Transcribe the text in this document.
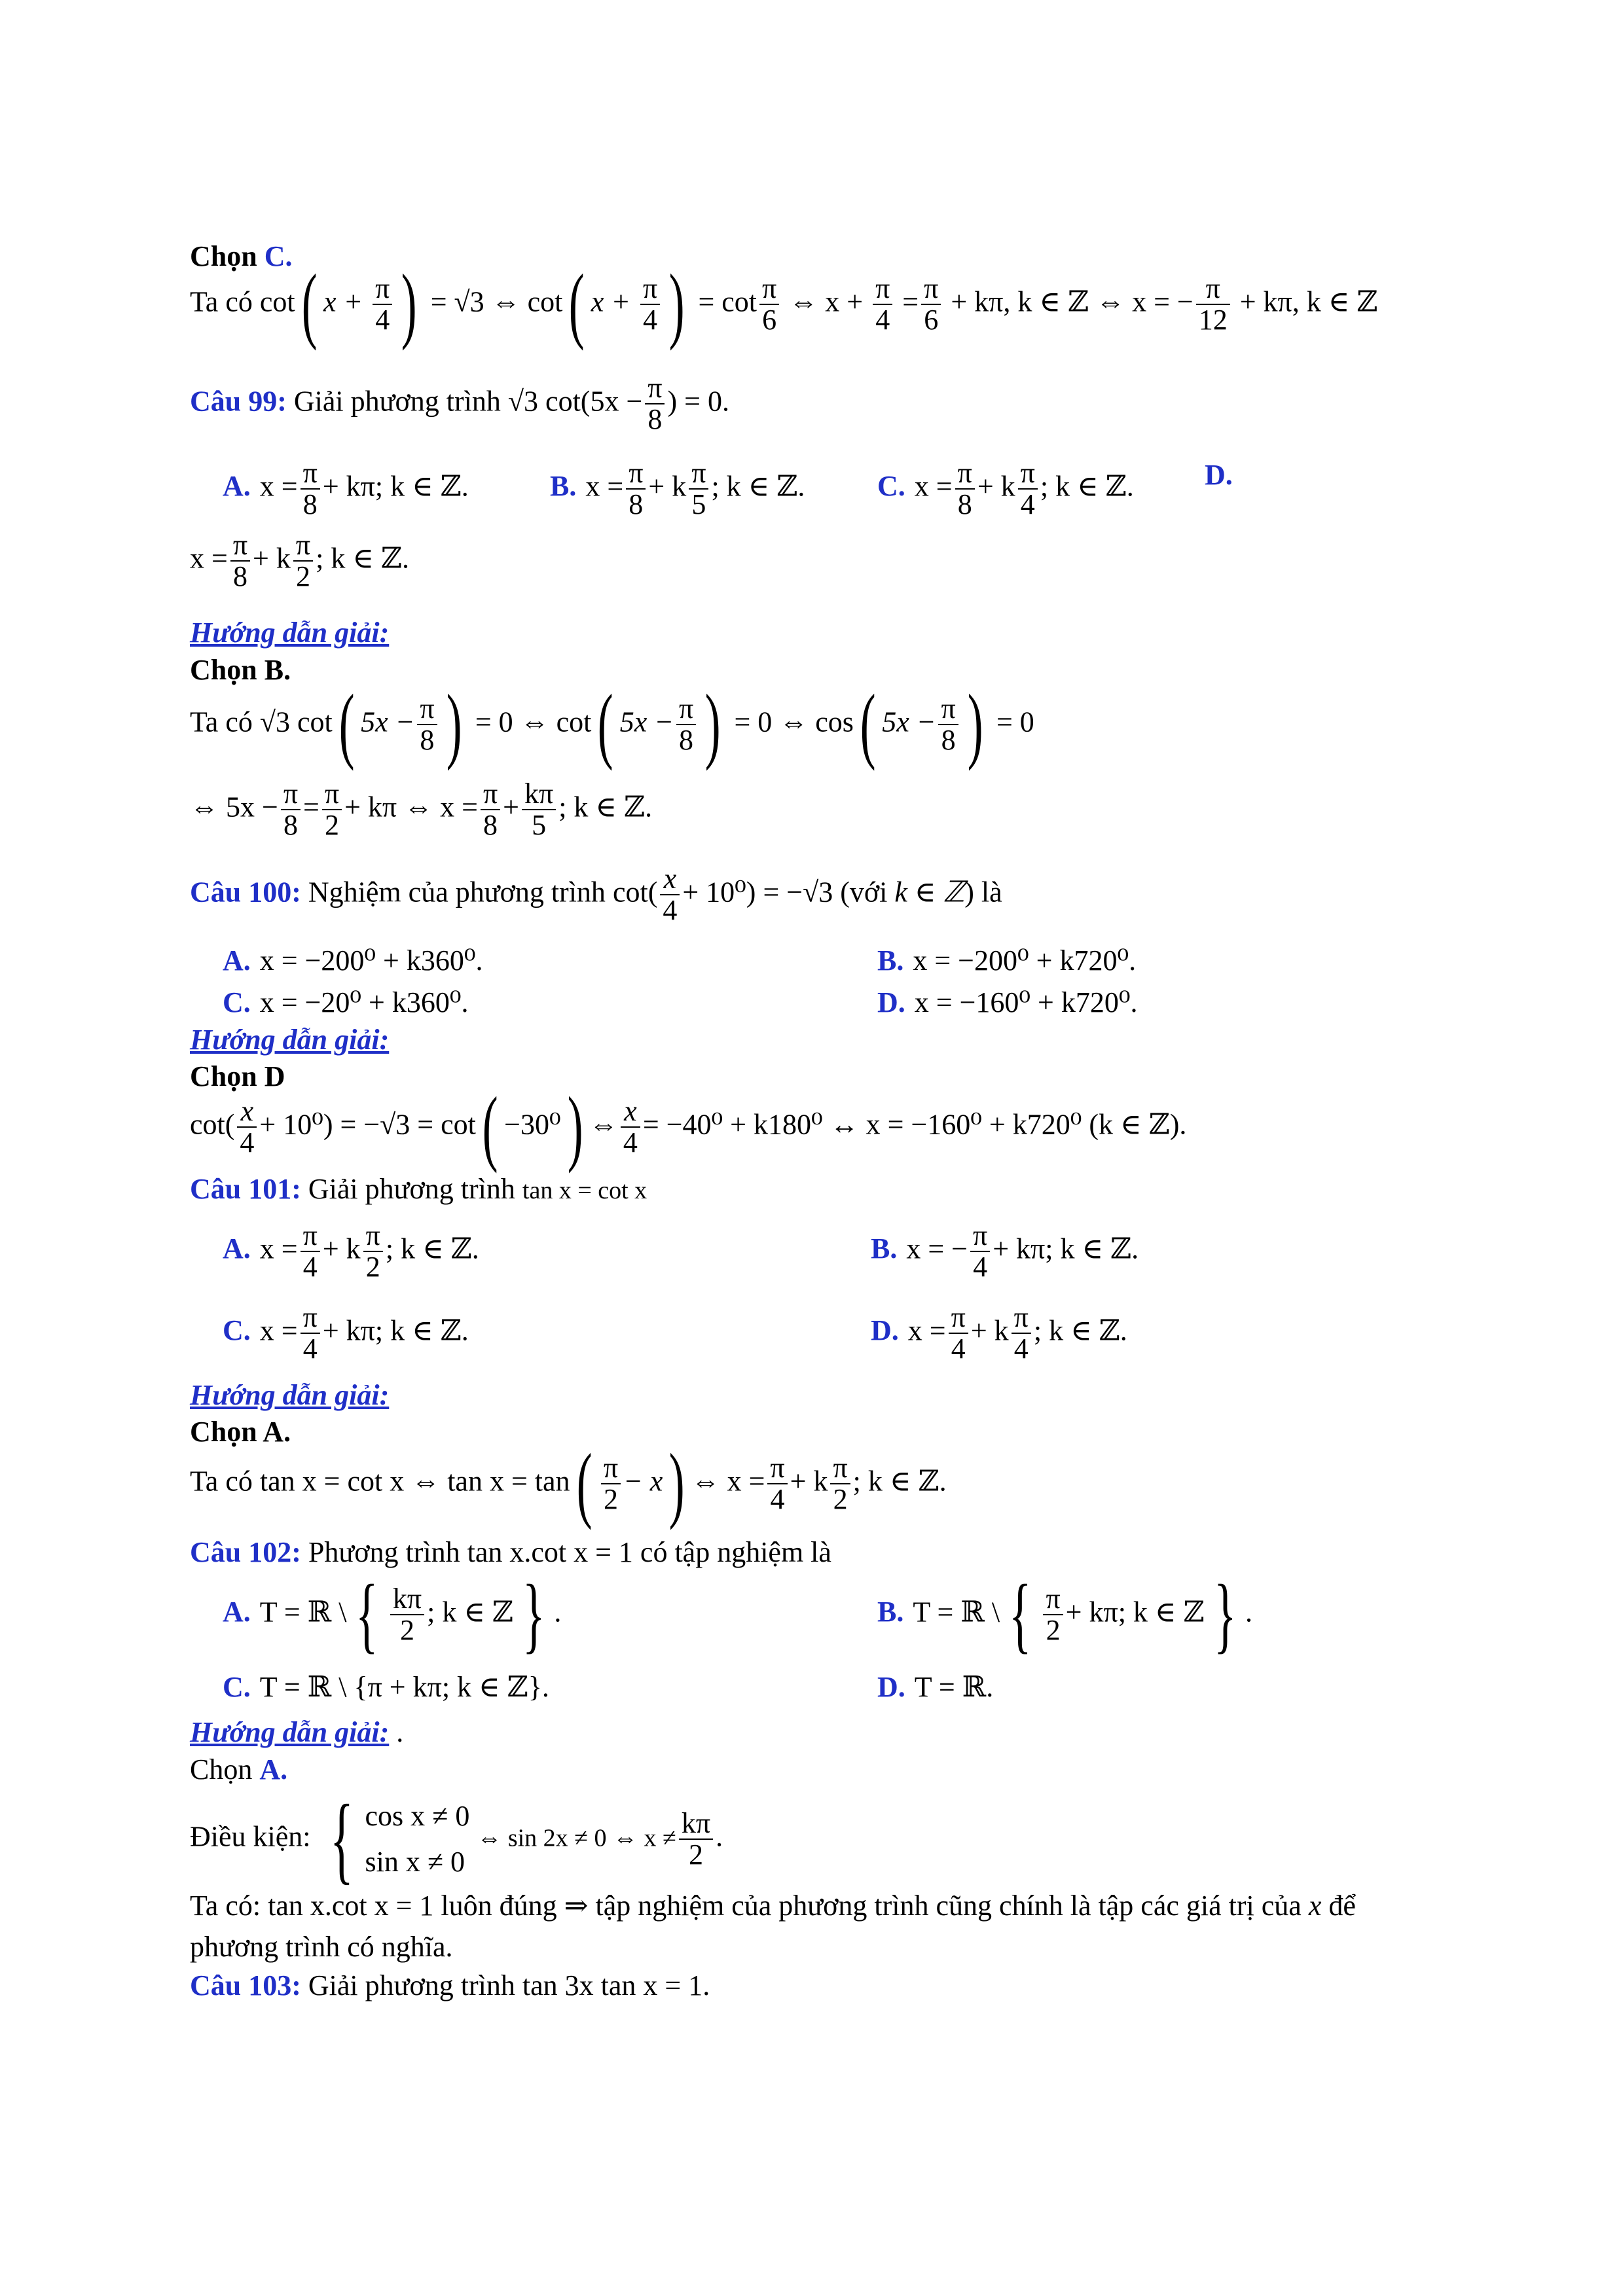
Chọn C.
Ta có cot( $x + \frac{\pi}{4}$ ) = √3 ⇔ cot( $x + \frac{\pi}{4}$ ) = $\cot \frac{\pi}{6}$ ⇔ $x + \frac{\pi}{4} = \frac{\pi}{6} + k\pi$, k ∈ ℤ ⇔ x = − $\frac{\pi}{12} + k\pi$, k ∈ ℤ
Câu 99: Giải phương trình √3 $\cot(5x - \frac{\pi}{8}$ ) = 0.
A. $x = \frac{\pi}{8} + k\pi$; k ∈ ℤ.	B. $x = \frac{\pi}{8} + k \frac{\pi}{5}$ ; k ∈ ℤ.	C. $x = \frac{\pi}{8} + k \frac{\pi}{4}$ ; k ∈ ℤ. D.
$x = \frac{\pi}{8} + k \frac{\pi}{2}$ ; k ∈ ℤ.
Hướng dẫn giải:
Chọn B.
Ta có √3 cot( $5x - \frac{\pi}{8}$ ) = 0 ⇔ cot( $5x - \frac{\pi}{8}$ ) = 0 ⇔ cos( $5x - \frac{\pi}{8}$ ) = 0
⇔ $5x - \frac{\pi}{8} = \frac{\pi}{2} + k\pi$ ⇔ $x = \frac{\pi}{8} + \frac{k\pi}{5}$ ; k ∈ ℤ.
Câu 100: Nghiệm của phương trình $\cot( \frac{x}{4} + 10^0) = -√3$ (với k ∈ ℤ) là
A. x = −200⁰ + k360⁰.	B. x = −200⁰ + k720⁰.
C. x = −20⁰ + k360⁰.	D. x = −160⁰ + k720⁰.
Hướng dẫn giải:
Chọn D
$\cot( \frac{x}{4} + 10^0) = -√3 = \cot( -30^0)$ ⇔ $\frac{x}{4} = -40^0 + k180^0$ ↔ x = −160⁰ + k720⁰ (k ∈ ℤ).
Câu 101: Giải phương trình tan x = cot x
A. $x = \frac{\pi}{4} + k \frac{\pi}{2}$ ; k ∈ ℤ.	B. x = − $\frac{\pi}{4} + k\pi$; k ∈ ℤ.
C. $x = \frac{\pi}{4} + k\pi$; k ∈ ℤ.	D. $x = \frac{\pi}{4} + k \frac{\pi}{4}$ ; k ∈ ℤ.
Hướng dẫn giải:
Chọn A.
Ta có tan x = cot x ⇔ $\tan x = \tan( \frac{\pi}{2} - x)$ ⇔ $x = \frac{\pi}{4} + k \frac{\pi}{2}$ ; k ∈ ℤ.
Câu 102: Phương trình tan x.cot x = 1 có tập nghiệm là
A. T = ℝ \ { $\frac{k\pi}{2}$ ; k ∈ ℤ } .	B. T = ℝ \ { $\frac{\pi}{2} + k\pi$; k ∈ ℤ } .
C. T = ℝ \ {π + kπ; k ∈ ℤ}.	D. T = ℝ.
Hướng dẫn giải: .
Chọn A.
Điều kiện: { cos x ≠ 0
sin x ≠ 0
⇔ sin 2x ≠ 0 ⇔ $x \ne \frac{k\pi}{2}$ .
Ta có: tan x.cot x = 1 luôn đúng ⇒ tập nghiệm của phương trình cũng chính là tập các giá trị của x để
phương trình có nghĩa.
Câu 103: Giải phương trình tan 3x tan x = 1.
